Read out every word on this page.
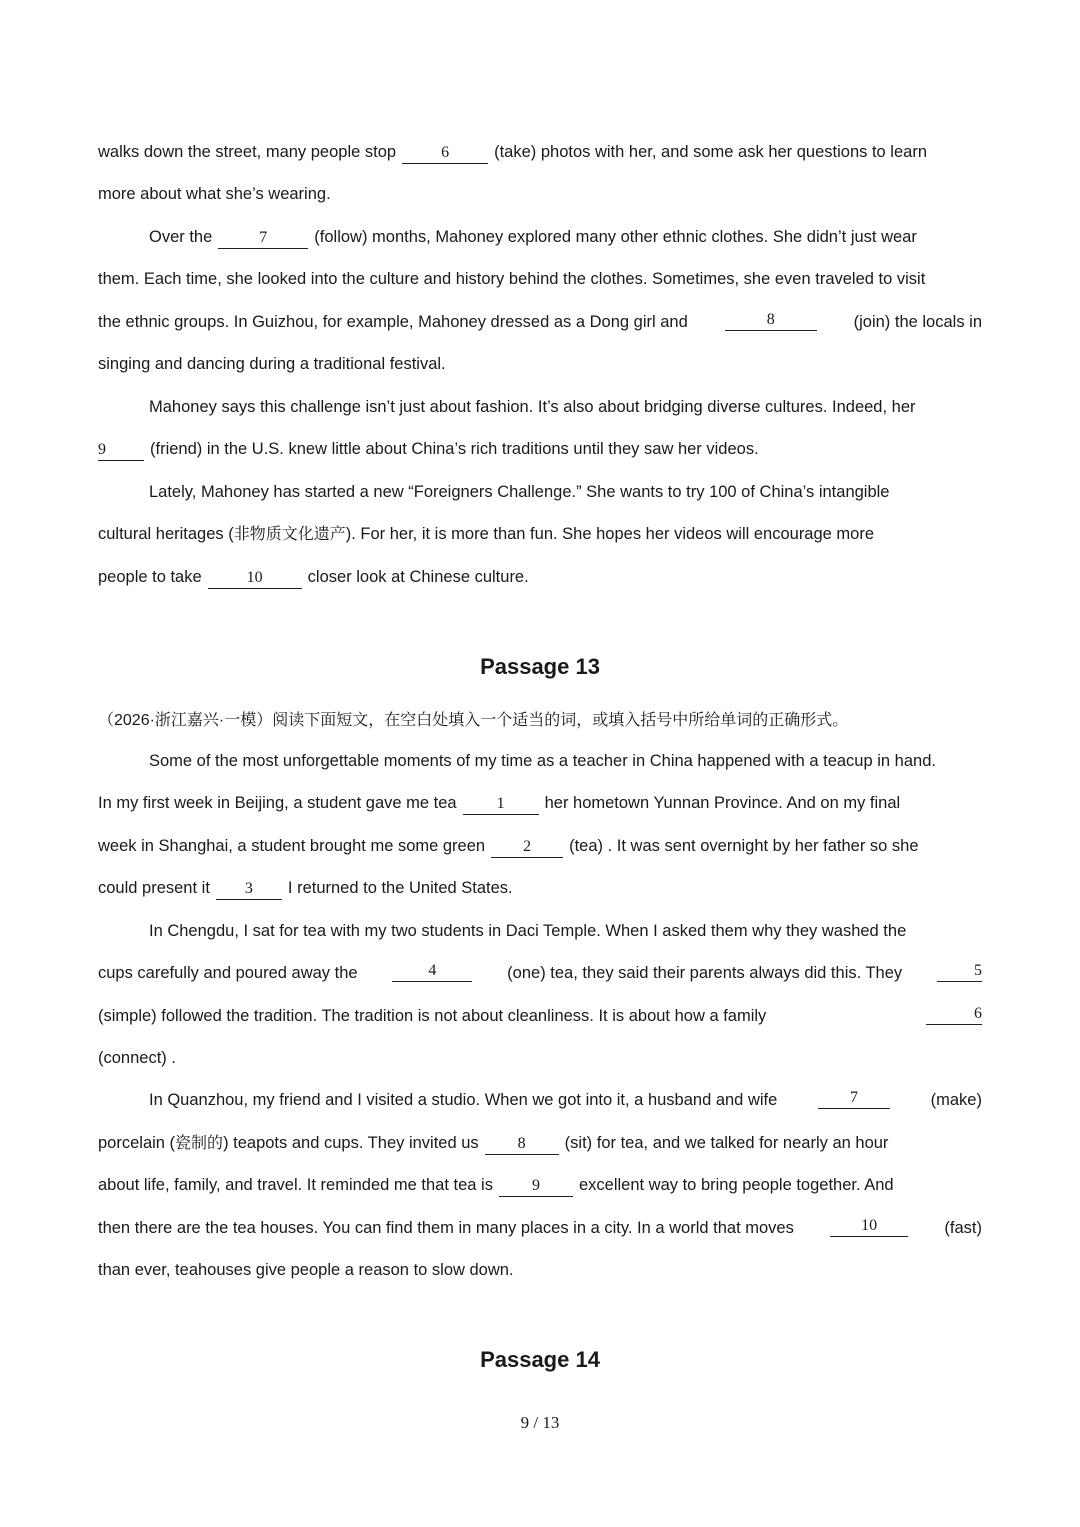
walks down the street, many people stop	6	(take) photos with her, and some ask her questions to learn
more about what she’s wearing.
Over the	7	(follow) months, Mahoney explored many other ethnic clothes. She didn’t just wear
them. Each time, she looked into the culture and history behind the clothes. Sometimes, she even traveled to visit
the ethnic groups. In Guizhou, for example, Mahoney dressed as a Dong girl and	8	(join) the locals in
singing and dancing during a traditional festival.
Mahoney says this challenge isn’t just about fashion. It’s also about bridging diverse cultures. Indeed, her
9	(friend) in the U.S. knew little about China’s rich traditions until they saw her videos.
Lately, Mahoney has started a new “Foreigners Challenge.” She wants to try 100 of China’s intangible
cultural heritages (非物质文化遗产). For her, it is more than fun. She hopes her videos will encourage more
people to take	10	closer look at Chinese culture.
Passage 13
（2026·浙江嘉兴·一模）阅读下面短文，在空白处填入一个适当的词，或填入括号中所给单词的正确形式。
Some of the most unforgettable moments of my time as a teacher in China happened with a teacup in hand.
In my first week in Beijing, a student gave me tea	1 her hometown Yunnan Province. And on my final
week in Shanghai, a student brought me some green 2 (tea) . It was sent overnight by her father so she
could present it 3 I returned to the United States.
In Chengdu, I sat for tea with my two students in Daci Temple. When I asked them why they washed the
cups carefully and poured away the	4	(one) tea, they said their parents always did this. They	5
(simple) followed the tradition. The tradition is not about cleanliness. It is about how a family	6
(connect) .
In Quanzhou, my friend and I visited a studio. When we got into it, a husband and wife	7	(make)
porcelain (瓷制的) teapots and cups. They invited us 8 (sit) for tea, and we talked for nearly an hour
about life, family, and travel. It reminded me that tea is 9 excellent way to bring people together. And
then there are the tea houses. You can find them in many places in a city. In a world that moves	10	(fast)
than ever, teahouses give people a reason to slow down.
Passage 14
9 / 13
